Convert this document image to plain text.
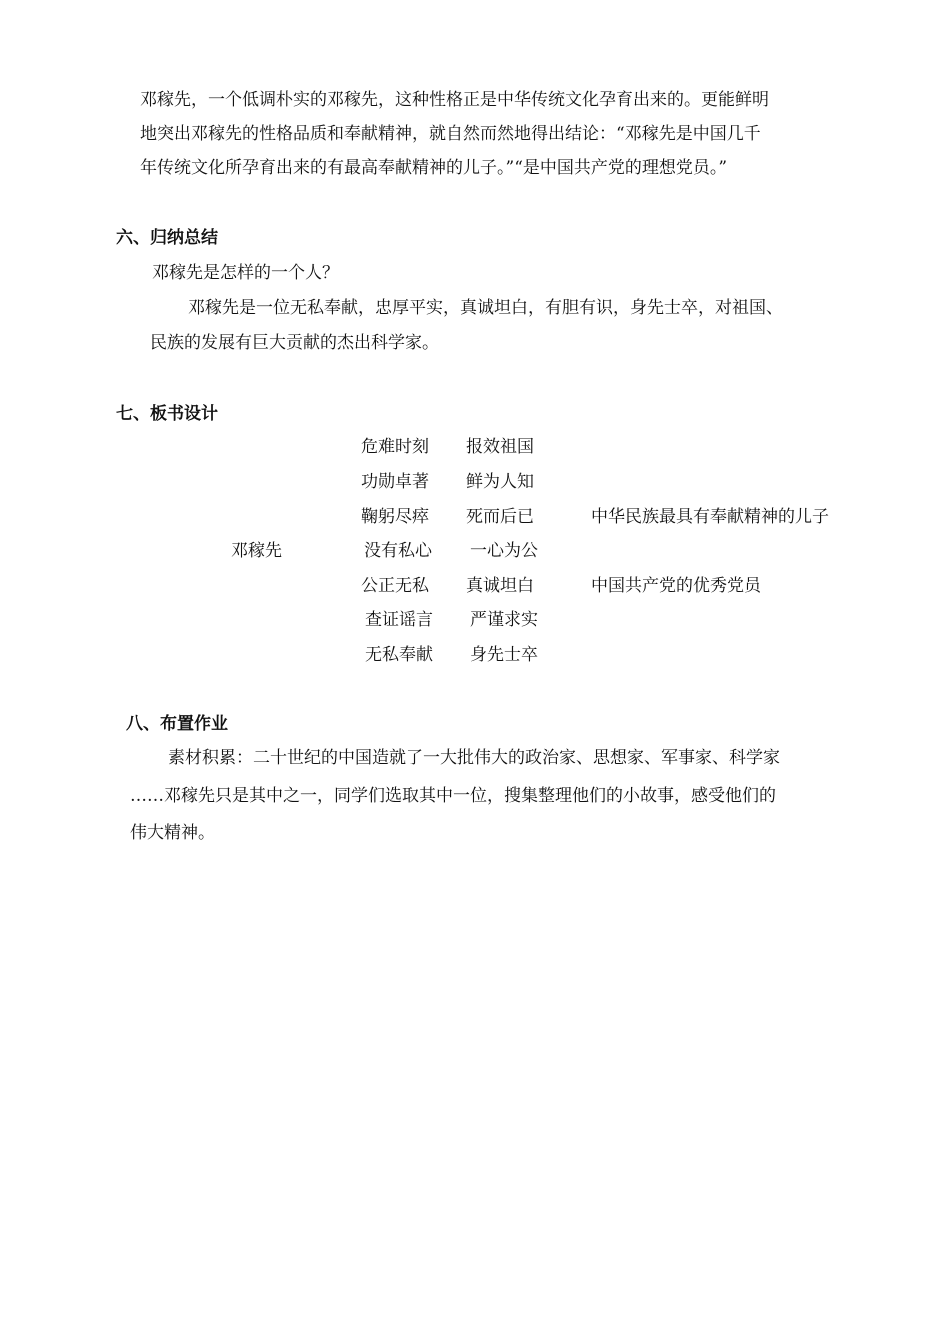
邓稼先，一个低调朴实的邓稼先，这种性格正是中华传统文化孕育出来的。更能鲜明

地突出邓稼先的性格品质和奉献精神，就自然而然地得出结论：“邓稼先是中国几千

年传统文化所孕育出来的有最高奉献精神的儿子。”“是中国共产党的理想党员。”

六、归纳总结

邓稼先是怎样的一个人？

邓稼先是一位无私奉献，忠厚平实，真诚坦白，有胆有识，身先士卒，对祖国、

民族的发展有巨大贡献的杰出科学家。

七、板书设计
邓稼先
危难时刻 报效祖国
功勋卓著 鲜为人知
鞠躬尽瘁 死而后已	中华民族最具有奉献精神的儿子
没有私心 一心为公
公正无私 真诚坦白	中国共产党的优秀党员
查证谣言 严谨求实
无私奉献 身先士卒
八、布置作业

素材积累：二十世纪的中国造就了一大批伟大的政治家、思想家、军事家、科学家

……邓稼先只是其中之一，同学们选取其中一位，搜集整理他们的小故事，感受他们的

伟大精神。
